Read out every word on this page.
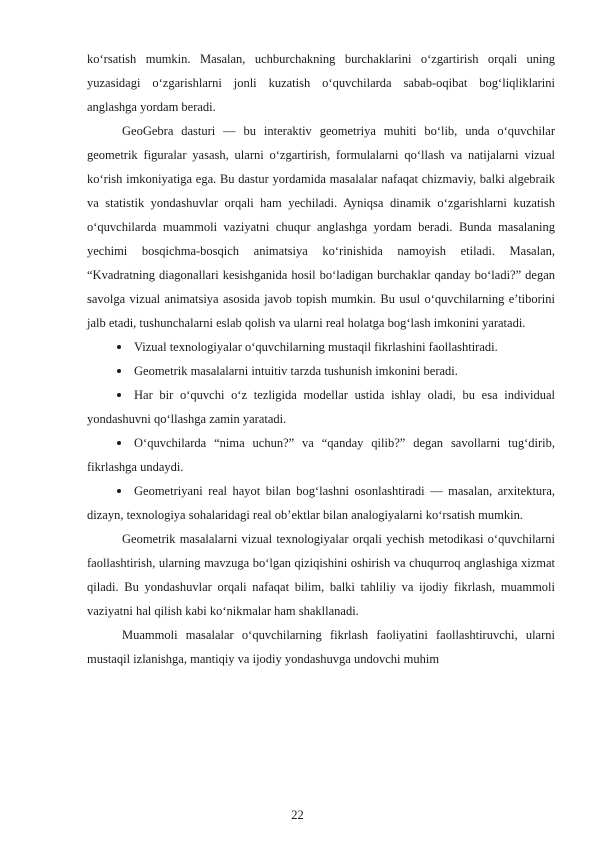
ko‘rsatish mumkin. Masalan, uchburchakning burchaklarini o‘zgartirish orqali uning yuzasidagi o‘zgarishlarni jonli kuzatish o‘quvchilarda sabab-oqibat bog‘liqliklarini anglashga yordam beradi.

GeoGebra dasturi — bu interaktiv geometriya muhiti bo‘lib, unda o‘quvchilar geometrik figuralar yasash, ularni o‘zgartirish, formulalarni qo‘llash va natijalarni vizual ko‘rish imkoniyatiga ega. Bu dastur yordamida masalalar nafaqat chizmaviy, balki algebraik va statistik yondashuvlar orqali ham yechiladi. Ayniqsa dinamik o‘zgarishlarni kuzatish o‘quvchilarda muammoli vaziyatni chuqur anglashga yordam beradi. Bunda masalaning yechimi bosqichma-bosqich animatsiya ko‘rinishida namoyish etiladi. Masalan, “Kvadratning diagonallari kesishganida hosil bo‘ladigan burchaklar qanday bo‘ladi?” degan savolga vizual animatsiya asosida javob topish mumkin. Bu usul o‘quvchilarning e’tiborini jalb etadi, tushunchalarni eslab qolish va ularni real holatga bog‘lash imkonini yaratadi.

Vizual texnologiyalar o‘quvchilarning mustaqil fikrlashini faollashtiradi.

Geometrik masalalarni intuitiv tarzda tushunish imkonini beradi.

Har bir o‘quvchi o‘z tezligida modellar ustida ishlay oladi, bu esa individual yondashuvni qo‘llashga zamin yaratadi.

O‘quvchilarda “nima uchun?” va “qanday qilib?” degan savollarni tug‘dirib, fikrlashga undaydi.

Geometriyani real hayot bilan bog‘lashni osonlashtiradi — masalan, arxitektura, dizayn, texnologiya sohalaridagi real ob’ektlar bilan analogiyalarni ko‘rsatish mumkin.

Geometrik masalalarni vizual texnologiyalar orqali yechish metodikasi o‘quvchilarni faollashtirish, ularning mavzuga bo‘lgan qiziqishini oshirish va chuqurroq anglashiga xizmat qiladi. Bu yondashuvlar orqali nafaqat bilim, balki tahliliy va ijodiy fikrlash, muammoli vaziyatni hal qilish kabi ko‘nikmalar ham shakllanadi.

Muammoli masalalar o‘quvchilarning fikrlash faoliyatini faollashtiruvchi, ularni mustaqil izlanishga, mantiqiy va ijodiy yondashuvga undovchi muhim

22
